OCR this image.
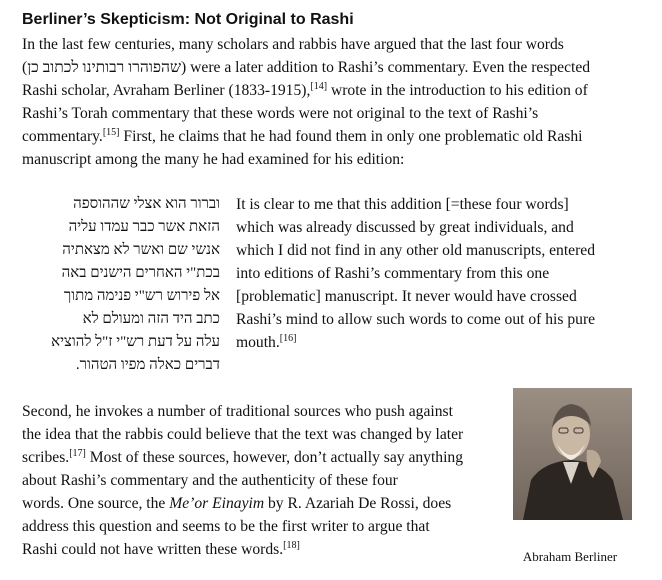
Berliner’s Skepticism: Not Original to Rashi
In the last few centuries, many scholars and rabbis have argued that the last four words
(שהפוהרו רבותינו לכתוב כן) were a later addition to Rashi’s commentary. Even the respected
Rashi scholar, Avraham Berliner (1833-1915),[14] wrote in the introduction to his edition of
Rashi’s Torah commentary that these words were not original to the text of Rashi’s
commentary.[15] First, he claims that he had found them in only one problematic old Rashi
manuscript among the many he had examined for his edition:
וברור הוא אצלי שההוספה
הזאת אשר כבר עמדו עליה
אנשי שם ואשר לא מצאתיה
בכת"י האחרים הישנים באה
אל פירוש רש"י פנימה מתוך
כתב היד הזה ומעולם לא
עלה על דעת רש"י ז"ל להוציא
דברים כאלה מפיו הטהור.
It is clear to me that this addition [=these four words]
which was already discussed by great individuals, and
which I did not find in any other old manuscripts, entered
into editions of Rashi’s commentary from this one
[problematic] manuscript. It never would have crossed
Rashi’s mind to allow such words to come out of his pure
mouth.[16]
Second, he invokes a number of traditional sources who push against
the idea that the rabbis could believe that the text was changed by later
scribes.[17] Most of these sources, however, don’t actually say anything
about Rashi’s commentary and the authenticity of these four
words. One source, the Me’or Einayim by R. Azariah De Rossi, does
address this question and seems to be the first writer to argue that
Rashi could not have written these words.[18]
Abraham Berliner
